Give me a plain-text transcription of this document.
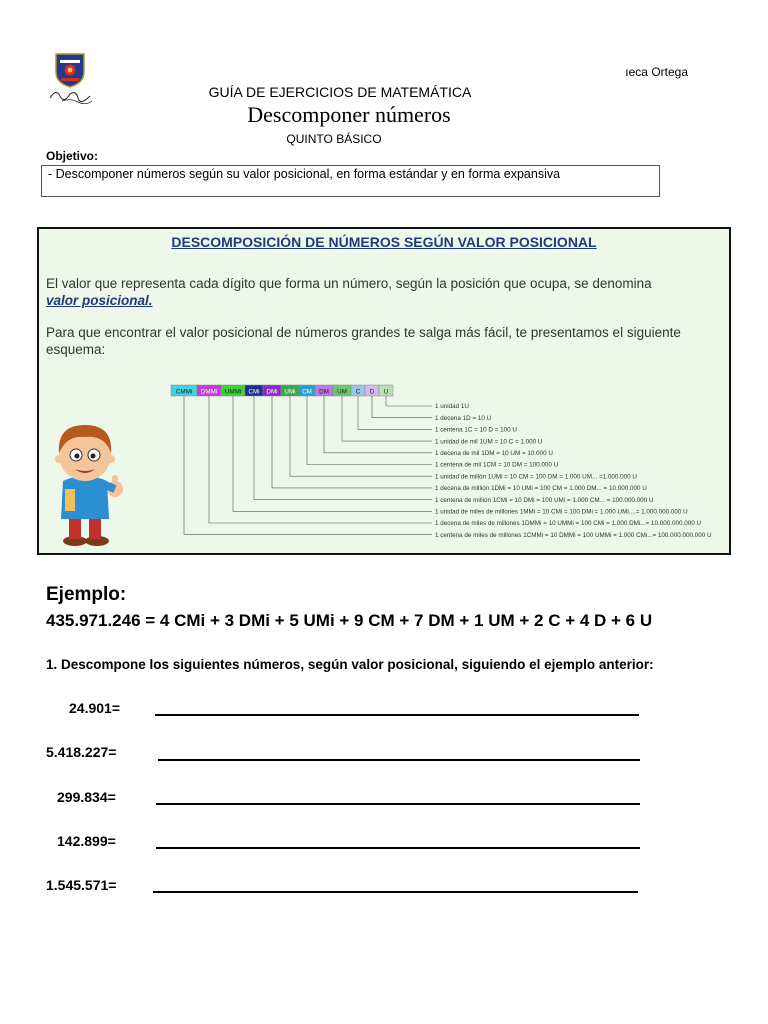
ıeca Ortega
GUÍA DE EJERCICIOS DE MATEMÁTICA
Descomponer números
QUINTO BÁSICO
Objetivo:
- Descomponer números según su valor posicional, en forma estándar y en forma expansiva
DESCOMPOSICIÓN DE NÚMEROS SEGÚN VALOR POSICIONAL
El valor que representa cada dígito que forma un número, según la posición que ocupa, se denomina valor posicional.
Para que encontrar el valor posicional de números grandes te salga más fácil, te presentamos el siguiente esquema:
CMMi DMMi UMMi CMi DMi UMi CM DM UM C D U
1 unidad 1U
1 decena 1D = 10 U
1 centena 1C = 10 D = 100 U
1 unidad de mil 1UM = 10 C = 1.000 U
1 decena de mil 1DM = 10 UM = 10.000 U
1 centena de mil 1CM = 10 DM = 100.000 U
1 unidad de millón 1UMi = 10 CM = 100 DM = 1.000 UM... =1.000.000 U
1 decena de millión 1DMi = 10 UMi = 100 CM = 1.000 DM... = 10.000.000 U
1 centena de millión 1CMi = 10 DMi = 100 UMi = 1.000 CM... = 100.000.000 U
1 unidad de miles de millones 1MMi = 10 CMi = 100 DMi = 1.000 UMi....= 1.000.000.000 U
1 decena de miles de millones 1DMMi = 10 UMMi = 100 CMi = 1.000 DMi...= 10.000.000.000 U
1 centena de miles de millones 1CMMi = 10 DMMi = 100 UMMi = 1.000 CMi...= 100.000.000.000 U
Ejemplo:
435.971.246 = 4 CMi + 3 DMi + 5 UMi + 9 CM + 7 DM + 1 UM + 2 C + 4 D + 6 U
1. Descompone los siguientes números, según valor posicional, siguiendo el ejemplo anterior:
24.901=
5.418.227=
299.834=
142.899=
1.545.571=
